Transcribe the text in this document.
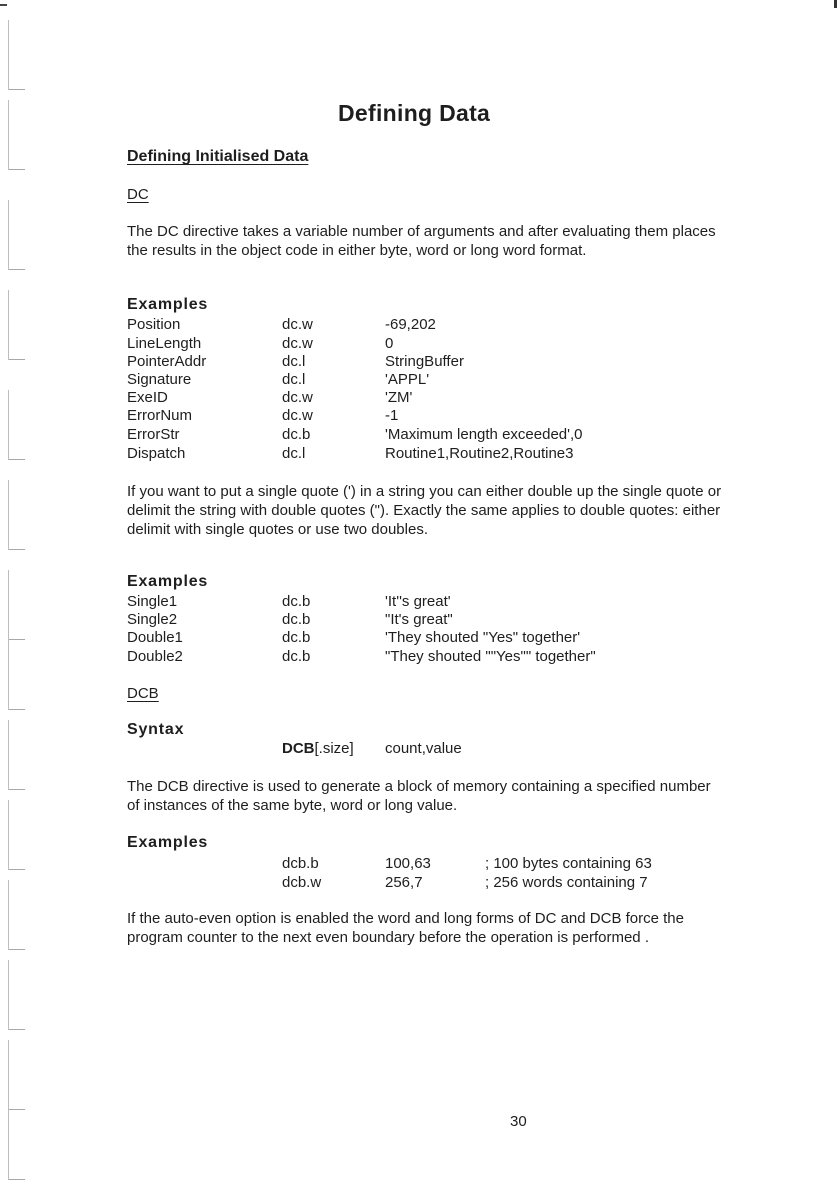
Defining Data
Defining Initialised Data
DC
The DC directive takes a variable number of arguments and after evaluating them places the results in the object code in either byte, word or long word format.
Examples
Position	dc.w	-69,202
LineLength	dc.w	0
PointerAddr	dc.l	StringBuffer
Signature	dc.l	'APPL'
ExeID	dc.w	'ZM'
ErrorNum	dc.w	-1
ErrorStr	dc.b	'Maximum length exceeded',0
Dispatch	dc.l	Routine1,Routine2,Routine3
If you want to put a single quote (') in a string you can either double up the single quote or delimit the string with double quotes ("). Exactly the same applies to double quotes: either delimit with single quotes or use two doubles.
Examples
Single1	dc.b	'It''s great'
Single2	dc.b	"It's great"
Double1	dc.b	'They shouted "Yes" together'
Double2	dc.b	"They shouted ""Yes"" together"
DCB
Syntax
DCB[.size] count,value
The DCB directive is used to generate a block of memory containing a specified number of instances of the same byte, word or long value.
Examples
dcb.b	100,63	; 100 bytes containing 63
dcb.w	256,7	; 256 words containing 7
If the auto-even option is enabled the word and long forms of DC and DCB force the program counter to the next even boundary before the operation is performed .
30
